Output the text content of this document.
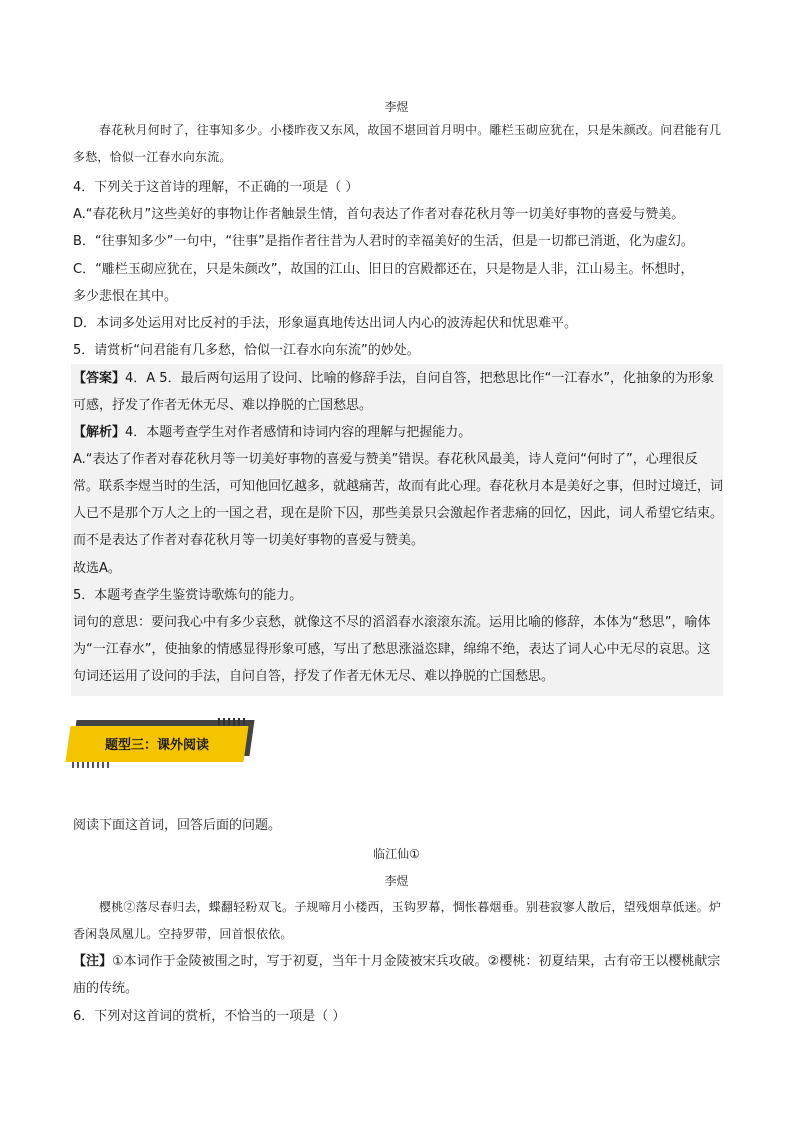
李煜
春花秋月何时了，往事知多少。小楼昨夜又东风，故国不堪回首月明中。雕栏玉砌应犹在，只是朱颜改。问君能有几多愁，恰似一江春水向东流。
4．下列关于这首诗的理解，不正确的一项是（ ）
A.“春花秋月”这些美好的事物让作者触景生情，首句表达了作者对春花秋月等一切美好事物的喜爱与赞美。
B．“往事知多少”一句中，“往事”是指作者往昔为人君时的幸福美好的生活，但是一切都已消逝，化为虚幻。
C．“雕栏玉砌应犹在，只是朱颜改”，故国的江山、旧日的宫殿都还在，只是物是人非，江山易主。怀想时，
多少悲恨在其中。
D．本词多处运用对比反衬的手法，形象逼真地传达出词人内心的波涛起伏和忧思难平。
5．请赏析“问君能有几多愁，恰似一江春水向东流”的妙处。
【答案】4．A 5．最后两句运用了设问、比喻的修辞手法，自问自答，把愁思比作“一江春水”，化抽象的为形象可感，抒发了作者无休无尽、难以挣脱的亡国愁思。
【解析】4．本题考查学生对作者感情和诗词内容的理解与把握能力。
A.“表达了作者对春花秋月等一切美好事物的喜爱与赞美”错误。春花秋风最美，诗人竟问“何时了”，心理很反常。联系李煜当时的生活，可知他回忆越多，就越痛苦，故而有此心理。春花秋月本是美好之事，但时过境迁，词人已不是那个万人之上的一国之君，现在是阶下囚，那些美景只会激起作者悲痛的回忆，因此，词人希望它结束。而不是表达了作者对春花秋月等一切美好事物的喜爱与赞美。
故选A。
5．本题考查学生鉴赏诗歌炼句的能力。
词句的意思：要问我心中有多少哀愁，就像这不尽的滔滔春水滚滚东流。运用比喻的修辞，本体为“愁思”，喻体为“一江春水”，使抽象的情感显得形象可感，写出了愁思涨溢恣肆，绵绵不绝，表达了词人心中无尽的哀思。这句词还运用了设问的手法，自问自答，抒发了作者无休无尽、难以挣脱的亡国愁思。
题型三：课外阅读
阅读下面这首词，回答后面的问题。
临江仙①
李煜
樱桃②落尽春归去，蝶翻轻粉双飞。子规啼月小楼西，玉钩罗幕，惆怅暮烟垂。别巷寂寥人散后，望残烟草低迷。炉香闲袅凤凰儿。空持罗带，回首恨依依。
【注】①本词作于金陵被围之时，写于初夏，当年十月金陵被宋兵攻破。②樱桃：初夏结果，古有帝王以樱桃献宗庙的传统。
6．下列对这首词的赏析，不恰当的一项是（ ）
